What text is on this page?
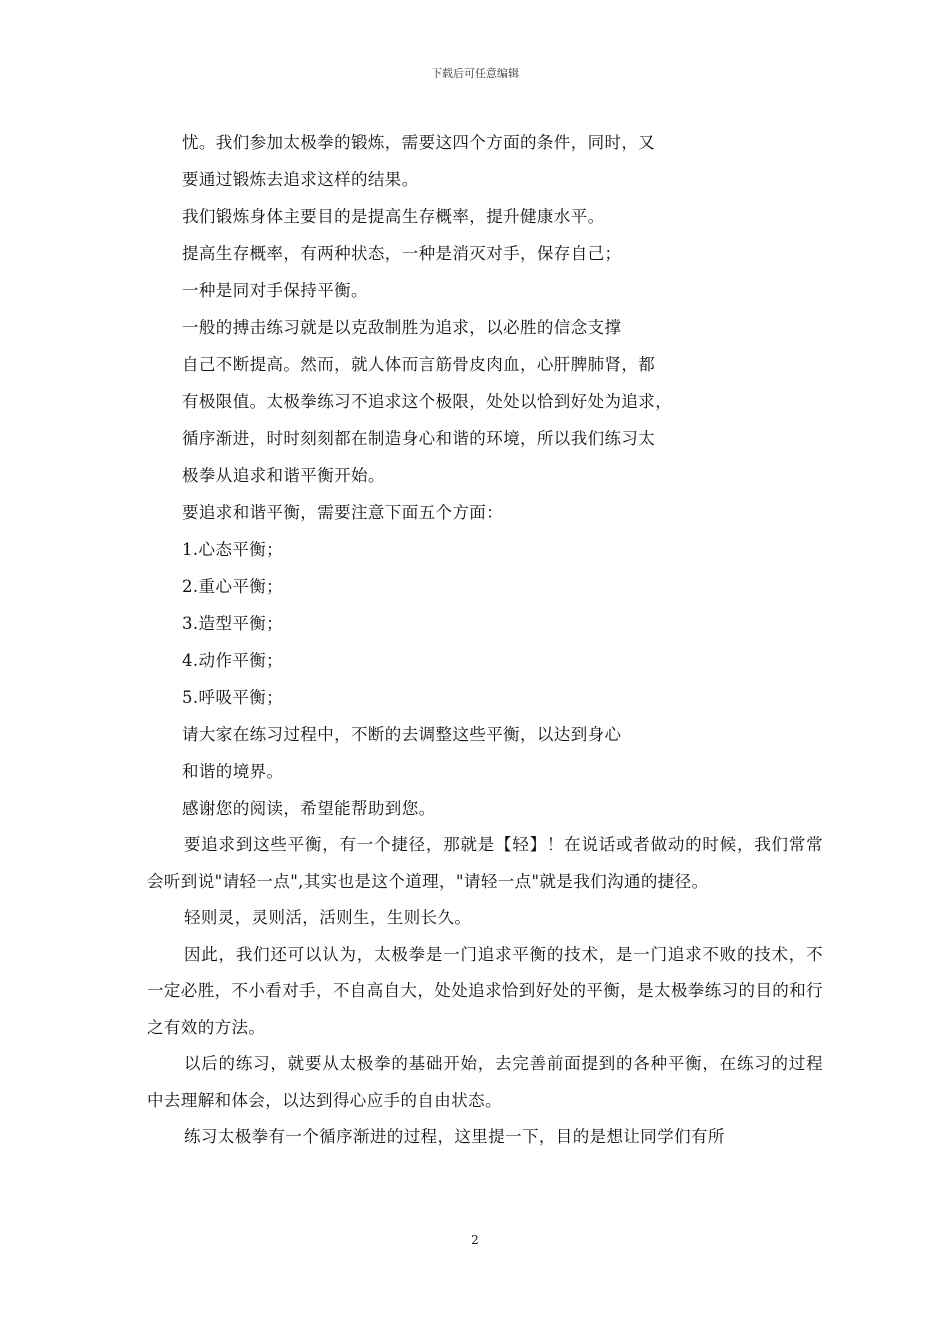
下载后可任意编辑
忧。我们参加太极拳的锻炼，需要这四个方面的条件，同时，又
要通过锻炼去追求这样的结果。
我们锻炼身体主要目的是提高生存概率，提升健康水平。
提高生存概率，有两种状态，一种是消灭对手，保存自己；
一种是同对手保持平衡。
一般的搏击练习就是以克敌制胜为追求，以必胜的信念支撑
自己不断提高。然而，就人体而言筋骨皮肉血，心肝脾肺肾，都
有极限值。太极拳练习不追求这个极限，处处以恰到好处为追求，
循序渐进，时时刻刻都在制造身心和谐的环境，所以我们练习太
极拳从追求和谐平衡开始。
要追求和谐平衡，需要注意下面五个方面：
1.心态平衡；
2.重心平衡；
3.造型平衡；
4.动作平衡；
5.呼吸平衡；
请大家在练习过程中，不断的去调整这些平衡，以达到身心
和谐的境界。
感谢您的阅读，希望能帮助到您。
要追求到这些平衡，有一个捷径，那就是【轻】！在说话或者做动的时候，我们常常会听到说"请轻一点",其实也是这个道理，"请轻一点"就是我们沟通的捷径。
轻则灵，灵则活，活则生，生则长久。
因此，我们还可以认为，太极拳是一门追求平衡的技术，是一门追求不败的技术，不一定必胜，不小看对手，不自高自大，处处追求恰到好处的平衡，是太极拳练习的目的和行之有效的方法。
以后的练习，就要从太极拳的基础开始，去完善前面提到的各种平衡，在练习的过程中去理解和体会，以达到得心应手的自由状态。
练习太极拳有一个循序渐进的过程，这里提一下，目的是想让同学们有所
2
